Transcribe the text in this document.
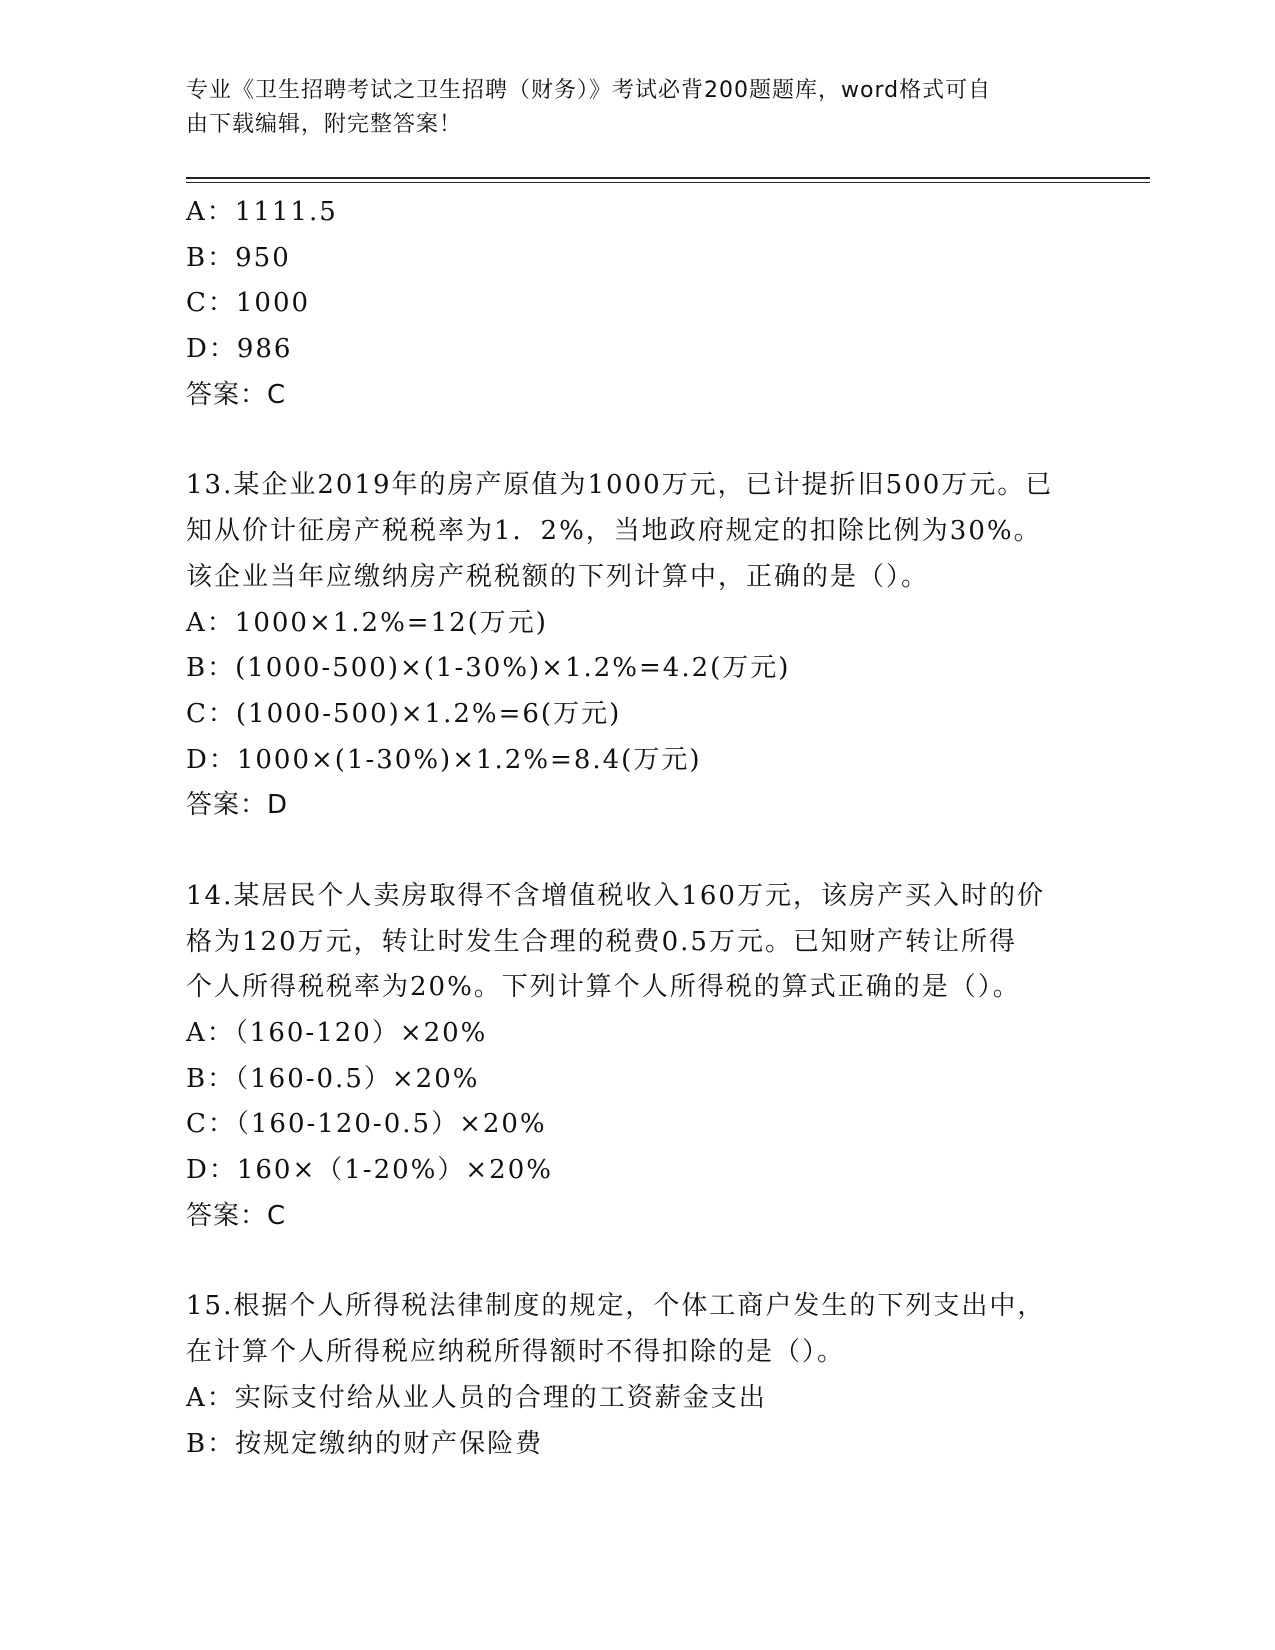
专业《卫生招聘考试之卫生招聘（财务）》考试必背200题题库，word格式可自
由下载编辑，附完整答案！
A：1111.5
B：950
C：1000
D：986
答案：C
13.某企业2019年的房产原值为1000万元，已计提折旧500万元。已
知从价计征房产税税率为1．2%，当地政府规定的扣除比例为30%。
该企业当年应缴纳房产税税额的下列计算中，正确的是（）。
A：1000×1.2%=12(万元)
B：(1000-500)×(1-30%)×1.2%=4.2(万元)
C：(1000-500)×1.2%=6(万元)
D：1000×(1-30%)×1.2%=8.4(万元)
答案：D
14.某居民个人卖房取得不含增值税收入160万元，该房产买入时的价
格为120万元，转让时发生合理的税费0.5万元。已知财产转让所得
个人所得税税率为20%。下列计算个人所得税的算式正确的是（）。
A：（160-120）×20%
B：（160-0.5）×20%
C：（160-120-0.5）×20%
D：160×（1-20%）×20%
答案：C
15.根据个人所得税法律制度的规定，个体工商户发生的下列支出中，
在计算个人所得税应纳税所得额时不得扣除的是（）。
A：实际支付给从业人员的合理的工资薪金支出
B：按规定缴纳的财产保险费
